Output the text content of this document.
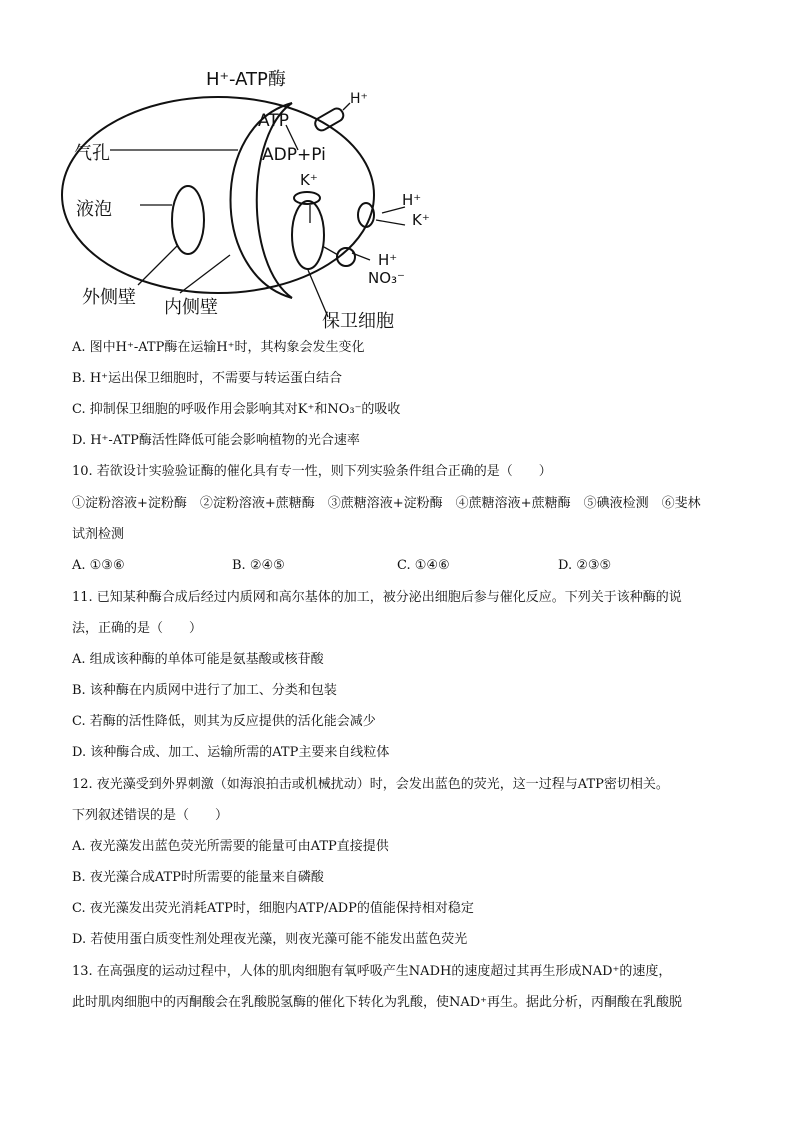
H⁺-ATP酶
H⁺
ATP
ADP+Pi
气孔
K⁺
液泡	H⁺
K⁺
H⁺
NO₃⁻
外侧壁 内侧壁
保卫细胞
A. 图中H⁺-ATP酶在运输H⁺时，其构象会发生变化
B. H⁺运出保卫细胞时，不需要与转运蛋白结合
C. 抑制保卫细胞的呼吸作用会影响其对K⁺和NO₃⁻的吸收
D. H⁺-ATP酶活性降低可能会影响植物的光合速率
10. 若欲设计实验验证酶的催化具有专一性，则下列实验条件组合正确的是（　　）
①淀粉溶液+淀粉酶　②淀粉溶液+蔗糖酶　③蔗糖溶液+淀粉酶　④蔗糖溶液+蔗糖酶　⑤碘液检测　⑥斐林
试剂检测
A. ①③⑥	B. ②④⑤	C. ①④⑥	D. ②③⑤
11. 已知某种酶合成后经过内质网和高尔基体的加工，被分泌出细胞后参与催化反应。下列关于该种酶的说
法，正确的是（　　）
A. 组成该种酶的单体可能是氨基酸或核苷酸
B. 该种酶在内质网中进行了加工、分类和包装
C. 若酶的活性降低，则其为反应提供的活化能会减少
D. 该种酶合成、加工、运输所需的ATP主要来自线粒体
12. 夜光藻受到外界刺激（如海浪拍击或机械扰动）时，会发出蓝色的荧光，这一过程与ATP密切相关。
下列叙述错误的是（　　）
A. 夜光藻发出蓝色荧光所需要的能量可由ATP直接提供
B. 夜光藻合成ATP时所需要的能量来自磷酸
C. 夜光藻发出荧光消耗ATP时，细胞内ATP/ADP的值能保持相对稳定
D. 若使用蛋白质变性剂处理夜光藻，则夜光藻可能不能发出蓝色荧光
13. 在高强度的运动过程中，人体的肌肉细胞有氧呼吸产生NADH的速度超过其再生形成NAD⁺的速度，
此时肌肉细胞中的丙酮酸会在乳酸脱氢酶的催化下转化为乳酸，使NAD⁺再生。据此分析，丙酮酸在乳酸脱
